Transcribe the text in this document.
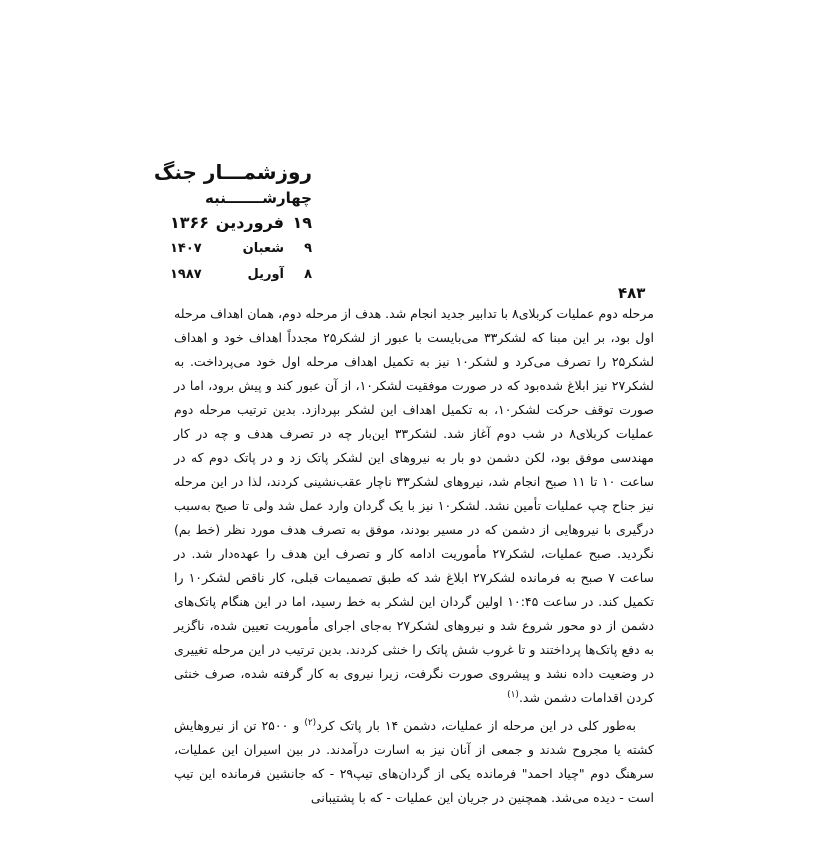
روزشمـــار جنگ
چهارشـــــــنبه
۱۹
فروردین
۱۳۶۶
۹
شعبان
۱۴۰۷
۸
آوریل
۱۹۸۷
۴۸۳

مرحله دوم عملیات کربلای۸ با تدابیر جدید انجام شد. هدف از مرحله دوم، همان اهداف مرحله اول بود، بر این مبنا که لشکر۳۳ می‌بایست با عبور از لشکر۲۵ مجدداً اهداف خود و اهداف لشکر۲۵ را تصرف می‌کرد و لشکر۱۰ نیز به تکمیل اهداف مرحله اول خود می‌پرداخت. به لشکر۲۷ نیز ابلاغ شده‌بود که در صورت موفقیت لشکر۱۰، از آن عبور کند و پیش برود، اما در صورت توقف حرکت لشکر۱۰، به تکمیل اهداف این لشکر بپردازد. بدین ترتیب مرحله دوم عملیات کربلای۸ در شب دوم آغاز شد. لشکر۳۳ این‌بار چه در تصرف هدف و چه در کار مهندسی موفق بود، لکن دشمن دو بار به نیروهای این لشکر پاتک زد و در پاتک دوم که در ساعت ۱۰ تا ۱۱ صبح انجام شد، نیروهای لشکر۳۳ ناچار عقب‌نشینی کردند، لذا در این مرحله نیز جناح چپ عملیات تأمین نشد. لشکر۱۰ نیز با یک گردان وارد عمل شد ولی تا صبح به‌سبب درگیری با نیروهایی از دشمن که در مسیر بودند، موفق به تصرف هدف مورد نظر (خط بم) نگردید. صبح عملیات، لشکر۲۷ مأموریت ادامه کار و تصرف این هدف را عهده‌دار شد. در ساعت ۷ صبح به فرمانده لشکر۲۷ ابلاغ شد که طبق تصمیمات قبلی، کار ناقص لشکر۱۰ را تکمیل کند. در ساعت ۱۰:۴۵ اولین گردان این لشکر به خط رسید، اما در این هنگام پاتک‌های دشمن از دو محور شروع شد و نیروهای لشکر۲۷ به‌جای اجرای مأموریت تعیین شده، ناگزیر به دفع پاتک‌ها پرداختند و تا غروب شش پاتک را خنثی کردند. بدین ترتیب در این مرحله تغییری در وضعیت داده نشد و پیشروی صورت نگرفت، زیرا نیروی به کار گرفته شده، صرف خنثی کردن اقدامات دشمن شد.$^{(۱)}$

به‌طور کلی در این مرحله از عملیات، دشمن ۱۴ بار پاتک کرد$^{(۲)}$ و ۲۵۰۰ تن از نیروهایش کشته یا مجروح شدند و جمعی از آنان نیز به اسارت درآمدند. در بین اسیران این عملیات، سرهنگ دوم "چیاد احمد" فرمانده یکی از گردان‌های تیپ۲۹ - که جانشین فرمانده این تیپ است - دیده می‌شد. همچنین در جریان این عملیات - که با پشتیبانی
